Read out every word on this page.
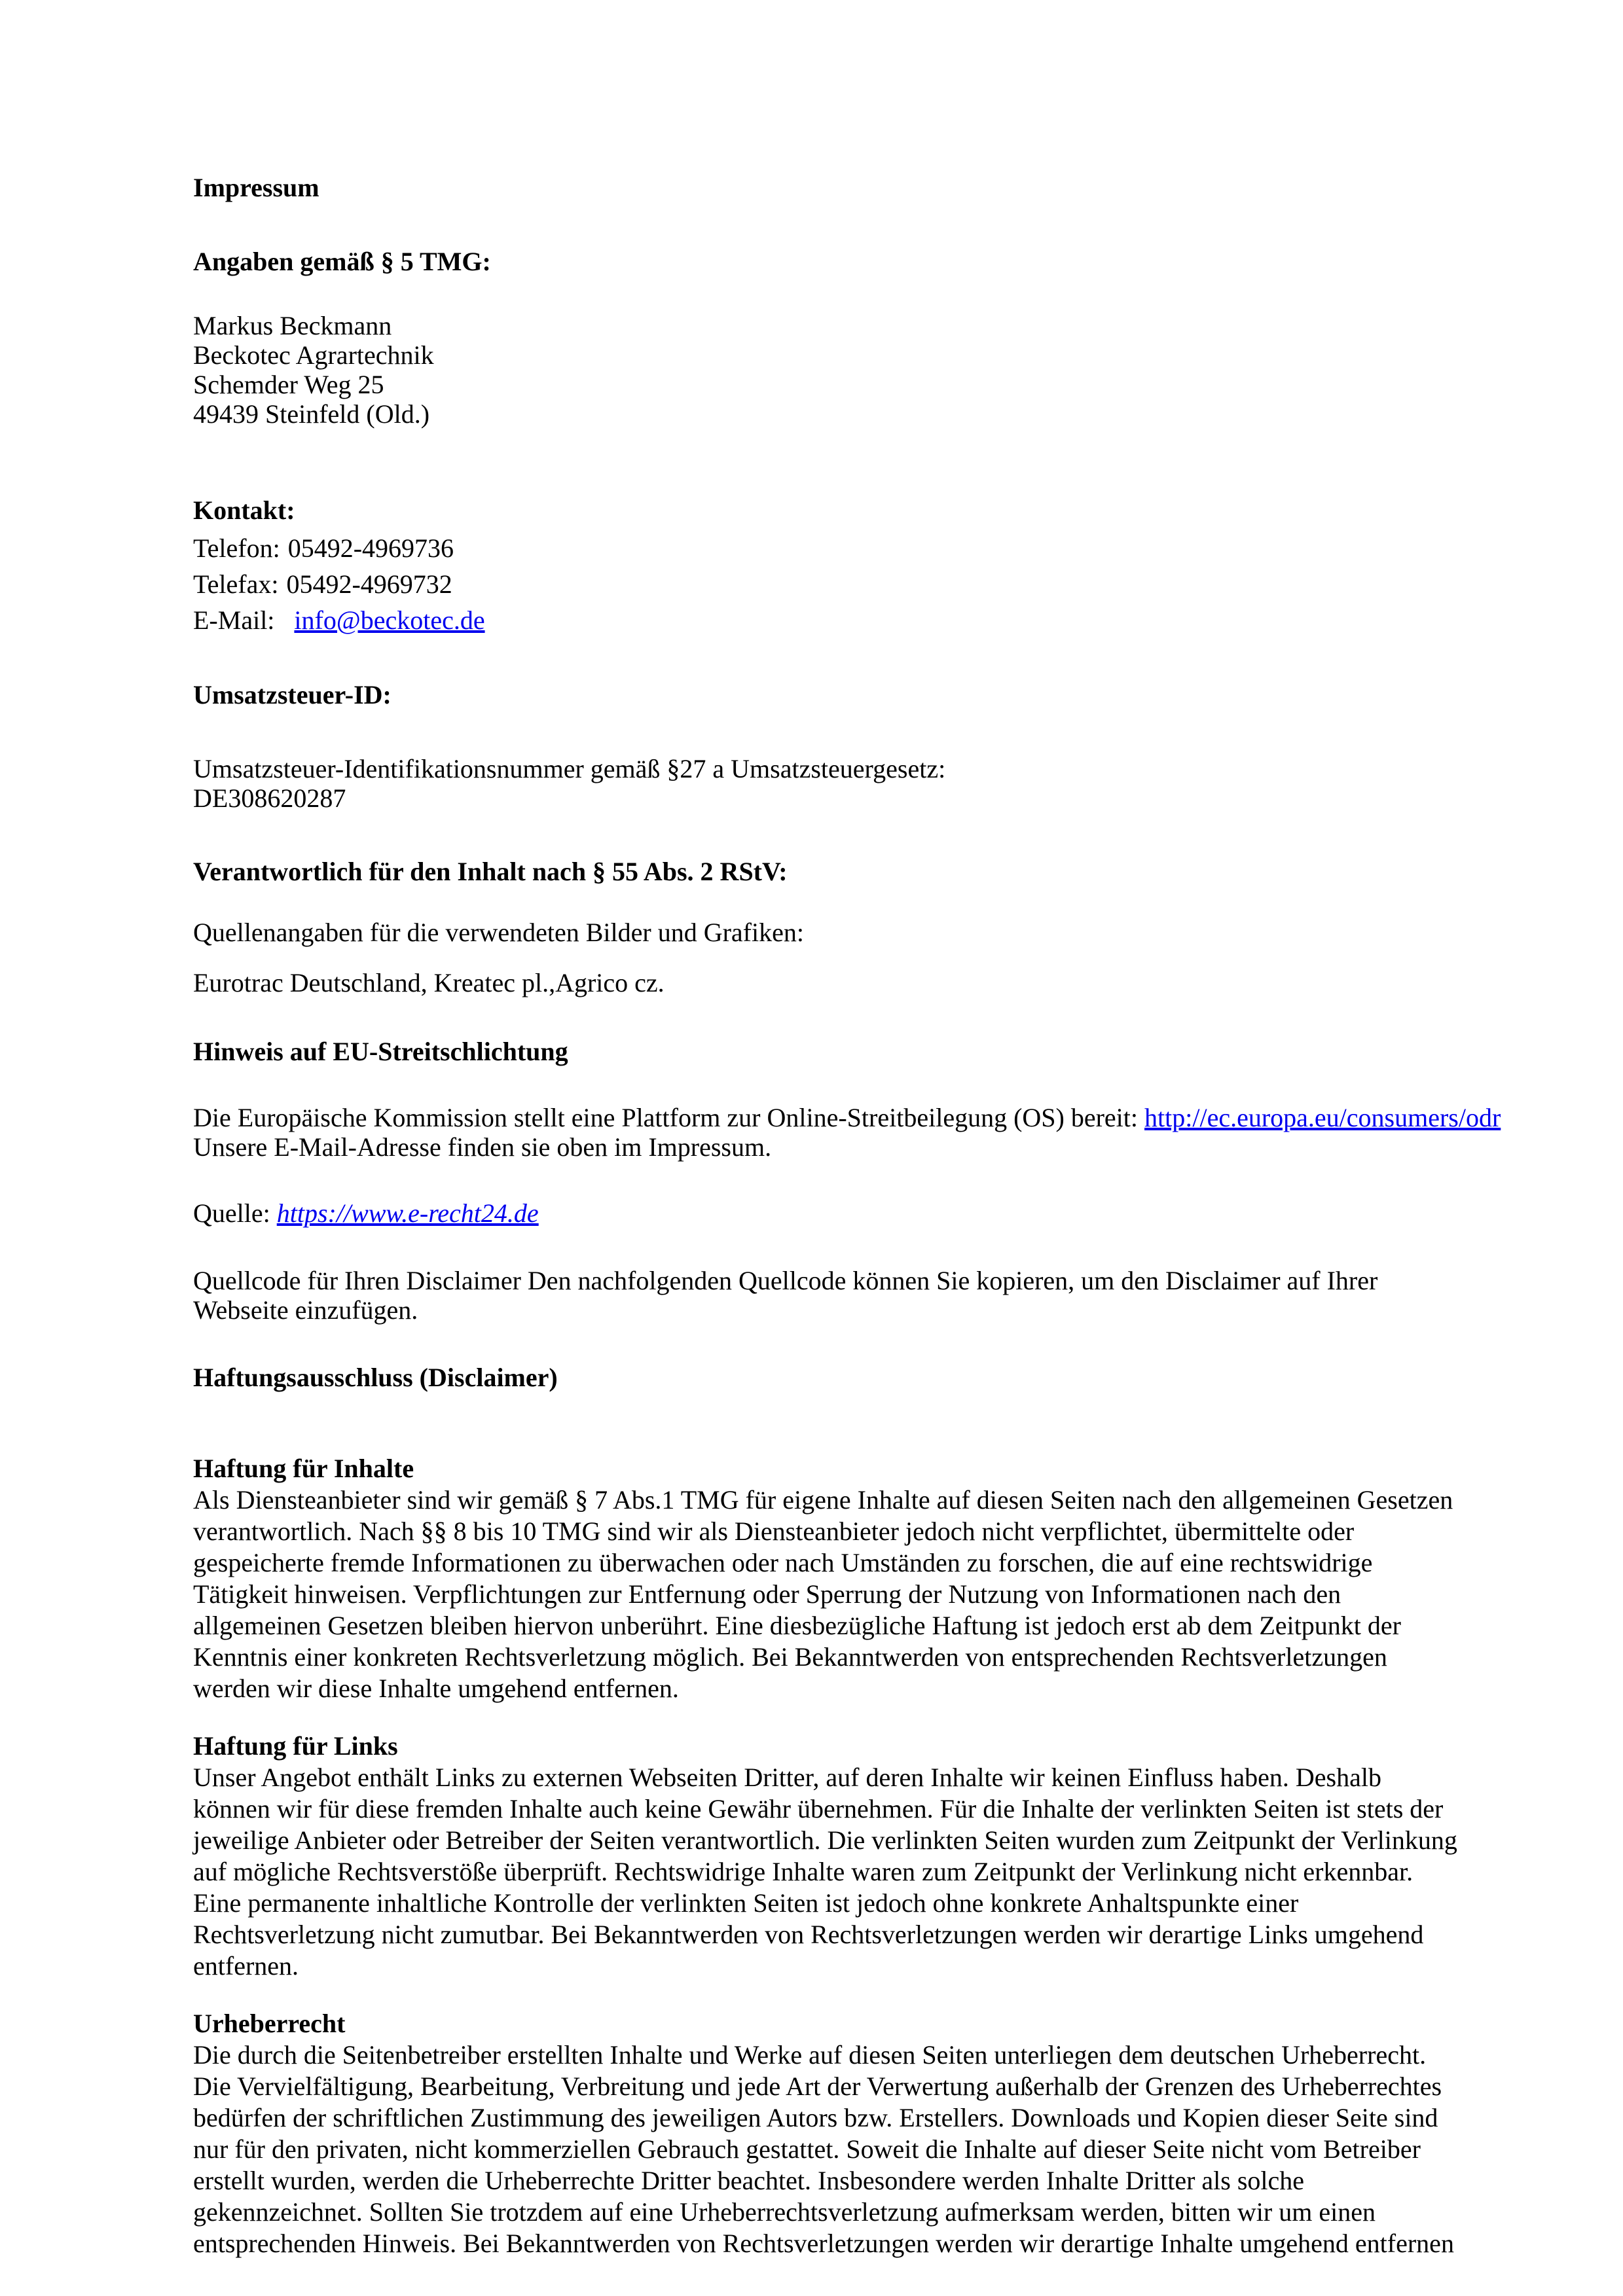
Impressum
Angaben gemäß § 5 TMG:
Markus Beckmann
Beckotec Agrartechnik
Schemder Weg 25
49439 Steinfeld (Old.)
Kontakt:
Telefon: 05492-4969736
Telefax: 05492-4969732
E-Mail: info@beckotec.de
Umsatzsteuer-ID:
Umsatzsteuer-Identifikationsnummer gemäß §27 a Umsatzsteuergesetz:
DE308620287
Verantwortlich für den Inhalt nach § 55 Abs. 2 RStV:
Quellenangaben für die verwendeten Bilder und Grafiken:
Eurotrac Deutschland, Kreatec pl.,Agrico cz.
Hinweis auf EU-Streitschlichtung
Die Europäische Kommission stellt eine Plattform zur Online-Streitbeilegung (OS) bereit: http://ec.europa.eu/consumers/odr
Unsere E-Mail-Adresse finden sie oben im Impressum.
Quelle: https://www.e-recht24.de
Quellcode für Ihren Disclaimer Den nachfolgenden Quellcode können Sie kopieren, um den Disclaimer auf Ihrer Webseite einzufügen.
Haftungsausschluss (Disclaimer)
Haftung für Inhalte
Als Diensteanbieter sind wir gemäß § 7 Abs.1 TMG für eigene Inhalte auf diesen Seiten nach den allgemeinen Gesetzen verantwortlich. Nach §§ 8 bis 10 TMG sind wir als Diensteanbieter jedoch nicht verpflichtet, übermittelte oder gespeicherte fremde Informationen zu überwachen oder nach Umständen zu forschen, die auf eine rechtswidrige Tätigkeit hinweisen. Verpflichtungen zur Entfernung oder Sperrung der Nutzung von Informationen nach den allgemeinen Gesetzen bleiben hiervon unberührt. Eine diesbezügliche Haftung ist jedoch erst ab dem Zeitpunkt der Kenntnis einer konkreten Rechtsverletzung möglich. Bei Bekanntwerden von entsprechenden Rechtsverletzungen werden wir diese Inhalte umgehend entfernen.
Haftung für Links
Unser Angebot enthält Links zu externen Webseiten Dritter, auf deren Inhalte wir keinen Einfluss haben. Deshalb können wir für diese fremden Inhalte auch keine Gewähr übernehmen. Für die Inhalte der verlinkten Seiten ist stets der jeweilige Anbieter oder Betreiber der Seiten verantwortlich. Die verlinkten Seiten wurden zum Zeitpunkt der Verlinkung auf mögliche Rechtsverstöße überprüft. Rechtswidrige Inhalte waren zum Zeitpunkt der Verlinkung nicht erkennbar. Eine permanente inhaltliche Kontrolle der verlinkten Seiten ist jedoch ohne konkrete Anhaltspunkte einer Rechtsverletzung nicht zumutbar. Bei Bekanntwerden von Rechtsverletzungen werden wir derartige Links umgehend entfernen.
Urheberrecht
Die durch die Seitenbetreiber erstellten Inhalte und Werke auf diesen Seiten unterliegen dem deutschen Urheberrecht. Die Vervielfältigung, Bearbeitung, Verbreitung und jede Art der Verwertung außerhalb der Grenzen des Urheberrechtes bedürfen der schriftlichen Zustimmung des jeweiligen Autors bzw. Erstellers. Downloads und Kopien dieser Seite sind nur für den privaten, nicht kommerziellen Gebrauch gestattet. Soweit die Inhalte auf dieser Seite nicht vom Betreiber erstellt wurden, werden die Urheberrechte Dritter beachtet. Insbesondere werden Inhalte Dritter als solche gekennzeichnet. Sollten Sie trotzdem auf eine Urheberrechtsverletzung aufmerksam werden, bitten wir um einen entsprechenden Hinweis. Bei Bekanntwerden von Rechtsverletzungen werden wir derartige Inhalte umgehend entfernen
